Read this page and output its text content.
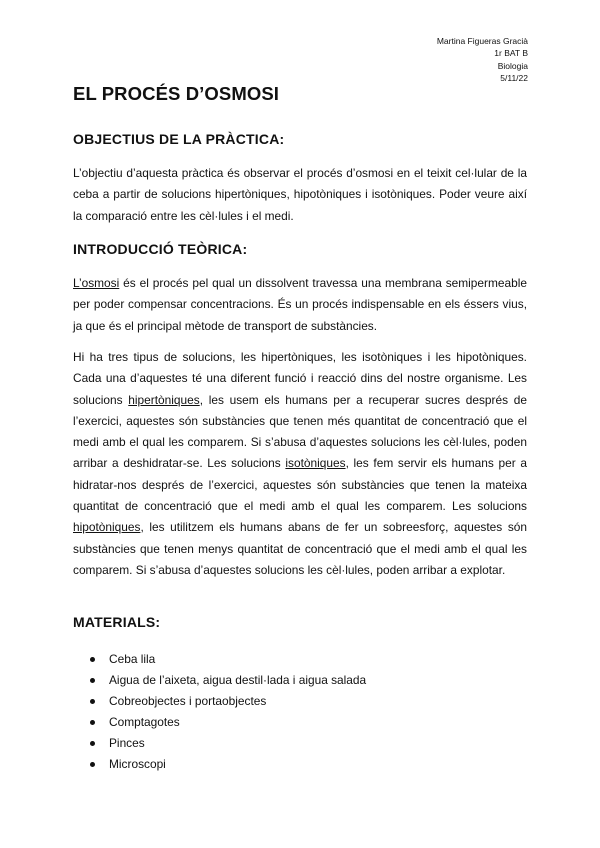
Martina Figueras Gracià
1r BAT B
Biologia
5/11/22
EL PROCÉS D’OSMOSI
OBJECTIUS DE LA PRÀCTICA:

L’objectiu d’aquesta pràctica és observar el procés d’osmosi en el teixit cel·lular de la ceba a partir de solucions hipertòniques, hipotòniques i isotòniques. Poder veure així la comparació entre les cèl·lules i el medi.

INTRODUCCIÓ TEÒRICA:

L’osmosi és el procés pel qual un dissolvent travessa una membrana semipermeable per poder compensar concentracions. És un procés indispensable en els éssers vius, ja que és el principal mètode de transport de substàncies.

Hi ha tres tipus de solucions, les hipertòniques, les isotòniques i les hipotòniques. Cada una d’aquestes té una diferent funció i reacció dins del nostre organisme. Les solucions hipertòniques, les usem els humans per a recuperar sucres després de l’exercici, aquestes són substàncies que tenen més quantitat de concentració que el medi amb el qual les comparem. Si s’abusa d’aquestes solucions les cèl·lules, poden arribar a deshidratar-se. Les solucions isotòniques, les fem servir els humans per a hidratar-nos després de l’exercici, aquestes són substàncies que tenen la mateixa quantitat de concentració que el medi amb el qual les comparem. Les solucions hipotòniques, les utilitzem els humans abans de fer un sobreesforç, aquestes són substàncies que tenen menys quantitat de concentració que el medi amb el qual les comparem. Si s’abusa d’aquestes solucions les cèl·lules, poden arribar a explotar.

MATERIALS:
Ceba lila
Aigua de l’aixeta, aigua destil·lada i aigua salada
Cobreobjectes i portaobjectes
Comptagotes
Pinces
Microscopi
